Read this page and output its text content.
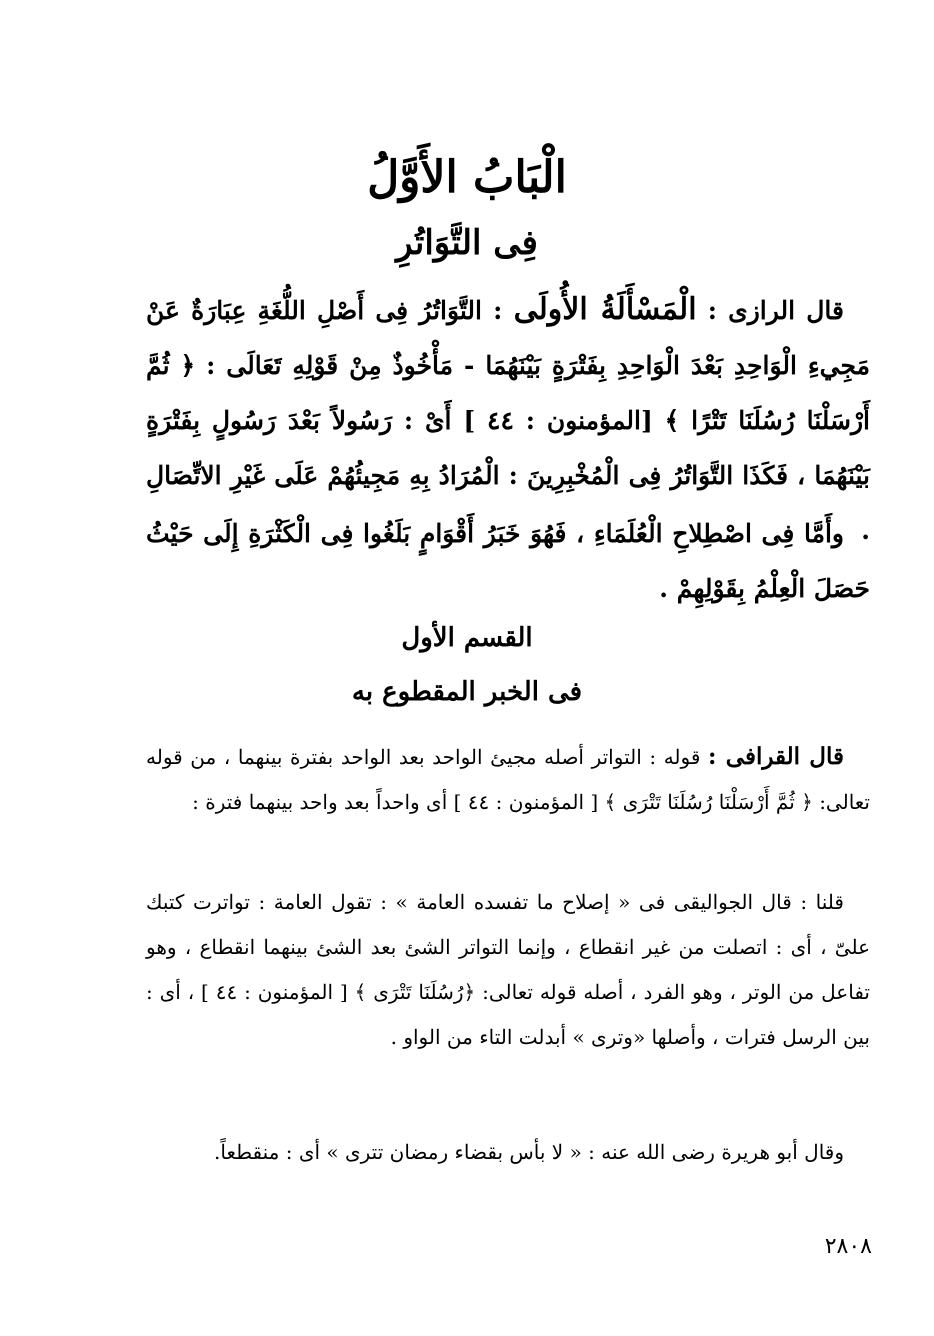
الْبَابُ الأَوَّلُ
فِى التَّوَاتُرِ

قال الرازى : الْمَسْأَلَةُ الأُولَى : التَّوَاتُرُ فِى أَصْلِ اللُّغَةِ عِبَارَةٌ عَنْ مَجِيءِ الْوَاحِدِ بَعْدَ الْوَاحِدِ بِفَتْرَةٍ بَيْنَهُمَا - مَأْخُوذٌ مِنْ قَوْلِهِ تَعَالَى : ﴿ ثُمَّ أَرْسَلْنَا رُسُلَنَا تَتْرًا ﴾ [المؤمنون : ٤٤ ] أَىْ : رَسُولاً بَعْدَ رَسُولٍ بِفَتْرَةٍ بَيْنَهُمَا ، فَكَذَا التَّوَاتُرُ فِى الْمُخْبِرِينَ : الْمُرَادُ بِهِ مَجِيئُهُمْ عَلَى غَيْرِ الاتِّصَالِ .

وأَمَّا فِى اصْطِلاحِ الْعُلَمَاءِ ، فَهُوَ خَبَرُ أَقْوَامٍ بَلَغُوا فِى الْكَثْرَةِ إِلَى حَيْثُ حَصَلَ الْعِلْمُ بِقَوْلِهِمْ .

القسم الأول
فى الخبر المقطوع به

قال القرافى : قوله : التواتر أصله مجيئ الواحد بعد الواحد بفترة بينهما ، من قوله تعالى: ﴿ ثُمَّ أَرْسَلْنَا رُسُلَنَا تَتْرَى ﴾ [ المؤمنون : ٤٤ ] أى واحداً بعد واحد بينهما فترة :

قلنا : قال الجواليقى فى « إصلاح ما تفسده العامة » : تقول العامة : تواترت كتبك علىّ ، أى : اتصلت من غير انقطاع ، وإنما التواتر الشئ بعد الشئ بينهما انقطاع ، وهو تفاعل من الوتر ، وهو الفرد ، أصله قوله تعالى: ﴿رُسُلَنَا تَتْرَى ﴾ [ المؤمنون : ٤٤ ] ، أى : بين الرسل فترات ، وأصلها «وترى » أبدلت التاء من الواو .

وقال أبو هريرة رضى الله عنه : « لا بأس بقضاء رمضان تترى » أى : منقطعاً.

٢٨٠٨
